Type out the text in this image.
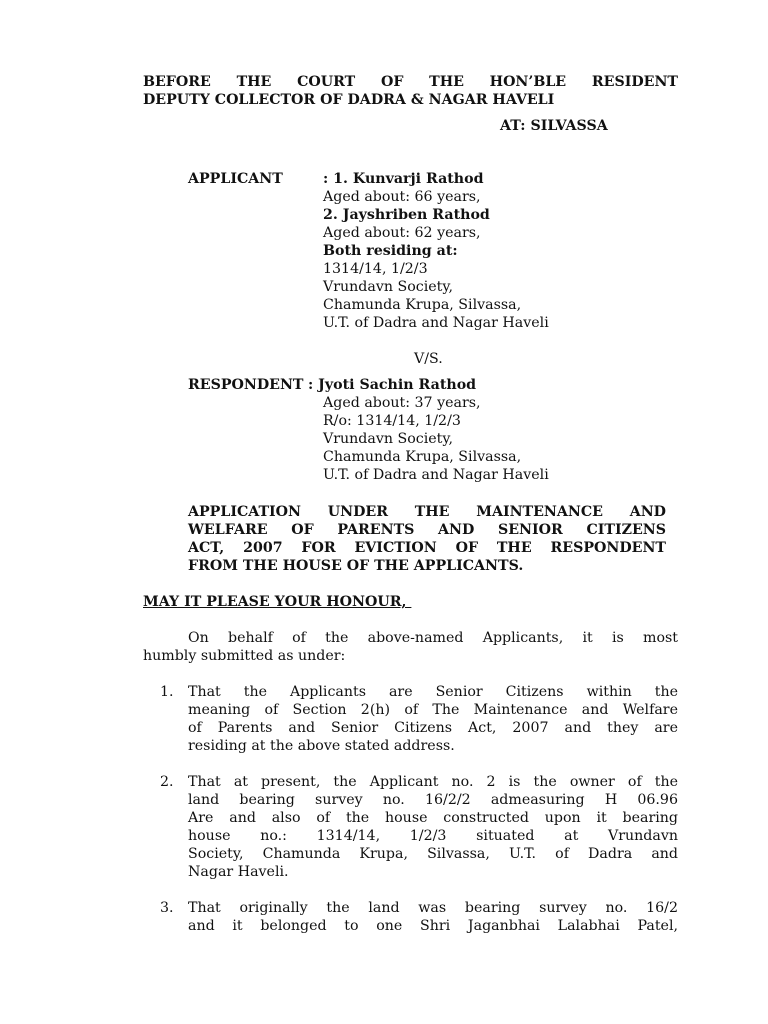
BEFORE THE COURT OF THE HON’BLE RESIDENT
DEPUTY COLLECTOR OF DADRA & NAGAR HAVELI
AT: SILVASSA
APPLICANT	: 1. Kunvarji Rathod
Aged about: 66 years,
2. Jayshriben Rathod
Aged about: 62 years,
Both residing at:
1314/14, 1/2/3
Vrundavn Society,
Chamunda Krupa, Silvassa,
U.T. of Dadra and Nagar Haveli
V/S.
RESPONDENT : Jyoti Sachin Rathod
Aged about: 37 years,
R/o: 1314/14, 1/2/3
Vrundavn Society,
Chamunda Krupa, Silvassa,
U.T. of Dadra and Nagar Haveli
APPLICATION UNDER THE MAINTENANCE AND
WELFARE OF PARENTS AND SENIOR CITIZENS
ACT, 2007 FOR EVICTION OF THE RESPONDENT
FROM THE HOUSE OF THE APPLICANTS.
MAY IT PLEASE YOUR HONOUR,
On behalf of the above-named Applicants, it is most
humbly submitted as under:
1. That the Applicants are Senior Citizens within the
meaning of Section 2(h) of The Maintenance and Welfare
of Parents and Senior Citizens Act, 2007 and they are
residing at the above stated address.
2. That at present, the Applicant no. 2 is the owner of the
land bearing survey no. 16/2/2 admeasuring H 06.96
Are and also of the house constructed upon it bearing
house no.: 1314/14, 1/2/3 situated at Vrundavn
Society, Chamunda Krupa, Silvassa, U.T. of Dadra and
Nagar Haveli.
3. That originally the land was bearing survey no. 16/2
and it belonged to one Shri Jaganbhai Lalabhai Patel,
